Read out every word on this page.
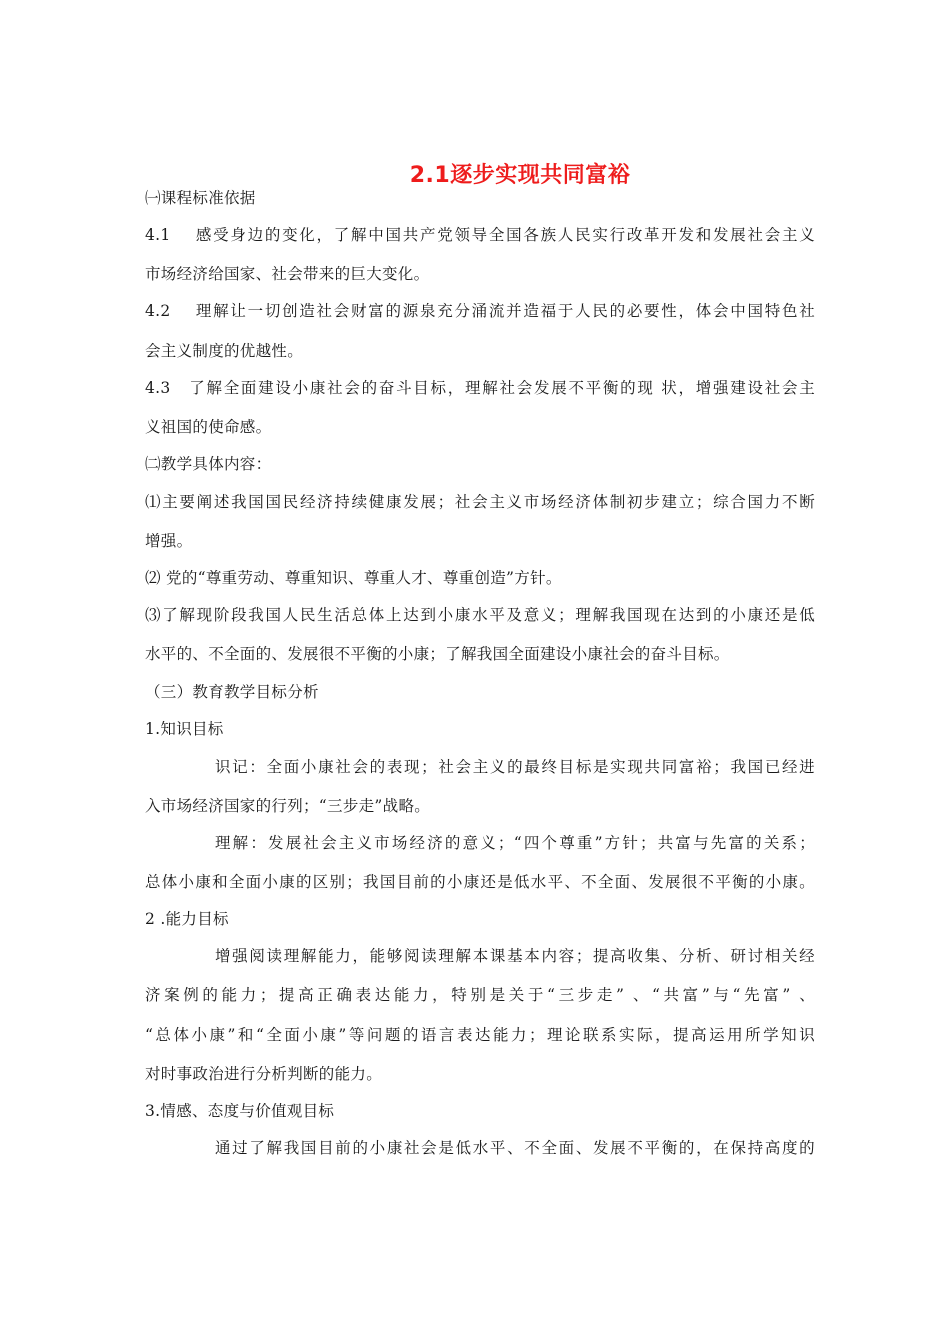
2.1逐步实现共同富裕
㈠课程标准依据
4.1　 感受身边的变化，了解中国共产党领导全国各族人民实行改革开发和发展社会主义
市场经济给国家、社会带来的巨大变化。
4.2　 理解让一切创造社会财富的源泉充分涌流并造福于人民的必要性，体会中国特色社
会主义制度的优越性。
4.3　了解全面建设小康社会的奋斗目标，理解社会发展不平衡的现 状，增强建设社会主
义祖国的使命感。
㈡教学具体内容：
⑴主要阐述我国国民经济持续健康发展；社会主义市场经济体制初步建立；综合国力不断
增强。
⑵ 党的“尊重劳动、尊重知识、尊重人才、尊重创造”方针。
⑶了解现阶段我国人民生活总体上达到小康水平及意义；理解我国现在达到的小康还是低
水平的、不全面的、发展很不平衡的小康；了解我国全面建设小康社会的奋斗目标。
（三）教育教学目标分析
1.知识目标
识记：全面小康社会的表现；社会主义的最终目标是实现共同富裕；我国已经进
入市场经济国家的行列；“三步走”战略。
理解：发展社会主义市场经济的意义；“四个尊重”方针；共富与先富的关系；
总体小康和全面小康的区别；我国目前的小康还是低水平、不全面、发展很不平衡的小康。
2 .能力目标
增强阅读理解能力，能够阅读理解本课基本内容；提高收集、分析、研讨相关经
济案例的能力；提高正确表达能力，特别是关于“三步走” 、“共富”与“先富” 、
“总体小康”和“全面小康”等问题的语言表达能力；理论联系实际，提高运用所学知识
对时事政治进行分析判断的能力。
3.情感、态度与价值观目标
通过了解我国目前的小康社会是低水平、不全面、发展不平衡的，在保持高度的
